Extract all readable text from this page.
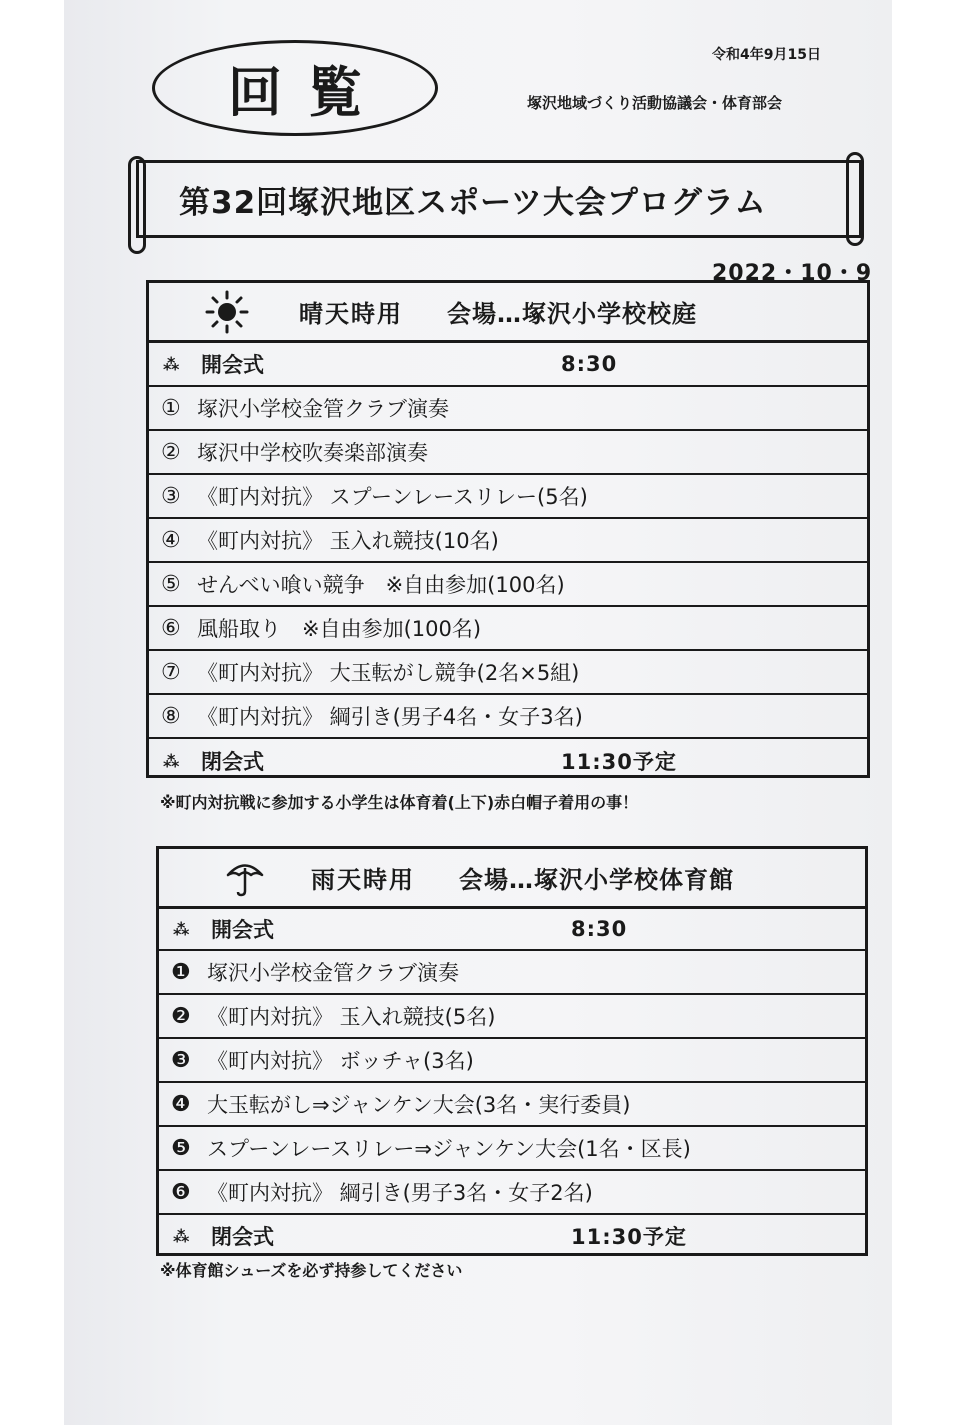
回覧
令和4年9月15日
塚沢地域づくり活動協議会・体育部会
第32回塚沢地区スポーツ大会プログラム
2022・10・9
晴天時用 会場…塚沢小学校校庭
⁂	開会式	8:30
① 塚沢小学校金管クラブ演奏
② 塚沢中学校吹奏楽部演奏
③ 《町内対抗》 スプーンレースリレー(5名)
④ 《町内対抗》 玉入れ競技(10名)
⑤ せんべい喰い競争　※自由参加(100名)
⑥ 風船取り　※自由参加(100名)
⑦ 《町内対抗》 大玉転がし競争(2名×5組)
⑧ 《町内対抗》 綱引き(男子4名・女子3名)
⁂	閉会式	11:30予定
※町内対抗戦に参加する小学生は体育着(上下)赤白帽子着用の事！
雨天時用 会場…塚沢小学校体育館
⁂	開会式	8:30
❶ 塚沢小学校金管クラブ演奏
❷ 《町内対抗》 玉入れ競技(5名)
❸ 《町内対抗》 ボッチャ(3名)
❹ 大玉転がし⇒ジャンケン大会(3名・実行委員)
❺ スプーンレースリレー⇒ジャンケン大会(1名・区長)
❻ 《町内対抗》 綱引き(男子3名・女子2名)
⁂	閉会式	11:30予定
※体育館シューズを必ず持参してください
